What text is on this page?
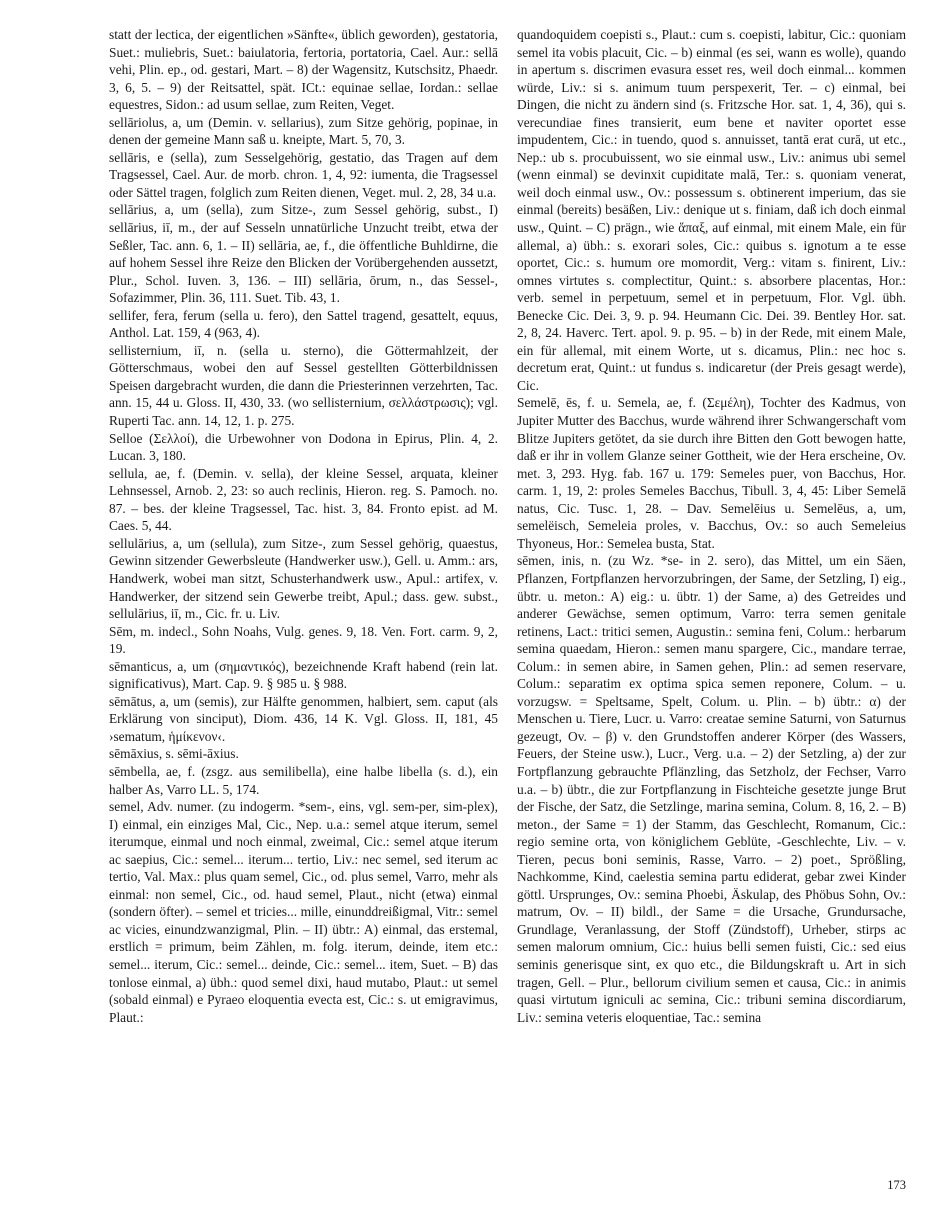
statt der lectica, der eigentlichen »Sänfte«, üblich geworden), gestatoria, Suet.: muliebris, Suet.: baiulatoria, fertoria, portatoria, Cael. Aur.: sellā vehi, Plin. ep., od. gestari, Mart. – 8) der Wagensitz, Kutschsitz, Phaedr. 3, 6, 5. – 9) der Reitsattel, spät. ICt.: equinae sellae, Iordan.: sellae equestres, Sidon.: ad usum sellae, zum Reiten, Veget.

sellāriolus, a, um (Demin. v. sellarius), zum Sitze gehörig, popinae, in denen der gemeine Mann saß u. kneipte, Mart. 5, 70, 3.

sellāris, e (sella), zum Sesselgehörig, gestatio, das Tragen auf dem Tragsessel, Cael. Aur. de morb. chron. 1, 4, 92: iumenta, die Tragsessel oder Sättel tragen, folglich zum Reiten dienen, Veget. mul. 2, 28, 34 u.a.

sellārius, a, um (sella), zum Sitze-, zum Sessel gehörig, subst., I) sellārius, iī, m., der auf Sesseln unnatürliche Unzucht treibt, etwa der Seßler, Tac. ann. 6, 1. – II) sellāria, ae, f., die öffentliche Buhldirne, die auf hohem Sessel ihre Reize den Blicken der Vorübergehenden aussetzt, Plur., Schol. Iuven. 3, 136. – III) sellāria, ōrum, n., das Sessel-, Sofazimmer, Plin. 36, 111. Suet. Tib. 43, 1.

sellifer, fera, ferum (sella u. fero), den Sattel tragend, gesattelt, equus, Anthol. Lat. 159, 4 (963, 4).

sellisternium, iī, n. (sella u. sterno), die Göttermahlzeit, der Götterschmaus, wobei den auf Sessel gestellten Götterbildnissen Speisen dargebracht wurden, die dann die Priesterinnen verzehrten, Tac. ann. 15, 44 u. Gloss. II, 430, 33. (wo sellisternium, σελλάστρωσις); vgl. Ruperti Tac. ann. 14, 12, 1. p. 275.

Selloe (Σελλοί), die Urbewohner von Dodona in Epirus, Plin. 4, 2. Lucan. 3, 180.

sellula, ae, f. (Demin. v. sella), der kleine Sessel, arquata, kleiner Lehnsessel, Arnob. 2, 23: so auch reclinis, Hieron. reg. S. Pamoch. no. 87. – bes. der kleine Tragsessel, Tac. hist. 3, 84. Fronto epist. ad M. Caes. 5, 44.

sellulārius, a, um (sellula), zum Sitze-, zum Sessel gehörig, quaestus, Gewinn sitzender Gewerbsleute (Handwerker usw.), Gell. u. Amm.: ars, Handwerk, wobei man sitzt, Schusterhandwerk usw., Apul.: artifex, v. Handwerker, der sitzend sein Gewerbe treibt, Apul.; dass. gew. subst., sellulārius, iī, m., Cic. fr. u. Liv.

Sēm, m. indecl., Sohn Noahs, Vulg. genes. 9, 18. Ven. Fort. carm. 9, 2, 19.

sēmanticus, a, um (σημαντικός), bezeichnende Kraft habend (rein lat. significativus), Mart. Cap. 9. § 985 u. § 988.

sēmātus, a, um (semis), zur Hälfte genommen, halbiert, sem. caput (als Erklärung von sinciput), Diom. 436, 14 K. Vgl. Gloss. II, 181, 45 ›sematum, ἡμίκενον‹.

sēmāxius, s. sēmi-āxius.

sēmbella, ae, f. (zsgz. aus semilibella), eine halbe libella (s. d.), ein halber As, Varro LL. 5, 174.

semel, Adv. numer. (zu indogerm. *sem-, eins, vgl. sem-per, sim-plex), I) einmal, ein einziges Mal, Cic., Nep. u.a.: semel atque iterum, semel iterumque, einmal und noch einmal, zweimal, Cic.: semel atque iterum ac saepius, Cic.: semel... iterum... tertio, Liv.: nec semel, sed iterum ac tertio, Val. Max.: plus quam semel, Cic., od. plus semel, Varro, mehr als einmal: non semel, Cic., od. haud semel, Plaut., nicht (etwa) einmal (sondern öfter). – semel et tricies... mille, einunddreißigmal, Vitr.: semel ac vicies, einundzwanzigmal, Plin. – II) übtr.: A) einmal, das erstemal, erstlich = primum, beim Zählen, m. folg. iterum, deinde, item etc.: semel... iterum, Cic.: semel... deinde, Cic.: semel... item, Suet. – B) das tonlose einmal, a) übh.: quod semel dixi, haud mutabo, Plaut.: ut semel (sobald einmal) e Pyraeo eloquentia evecta est, Cic.: s. ut emigravimus, Plaut.:

quandoquidem coepisti s., Plaut.: cum s. coepisti, labitur, Cic.: quoniam semel ita vobis placuit, Cic. – b) einmal (es sei, wann es wolle), quando in apertum s. discrimen evasura esset res, weil doch einmal... kommen würde, Liv.: si s. animum tuum perspexerit, Ter. – c) einmal, bei Dingen, die nicht zu ändern sind (s. Fritzsche Hor. sat. 1, 4, 36), qui s. verecundiae fines transierit, eum bene et naviter oportet esse impudentem, Cic.: in tuendo, quod s. annuisset, tantā erat curā, ut etc., Nep.: ub s. procubuissent, wo sie einmal usw., Liv.: animus ubi semel (wenn einmal) se devinxit cupiditate malā, Ter.: s. quoniam venerat, weil doch einmal usw., Ov.: possessum s. obtinerent imperium, das sie einmal (bereits) besäßen, Liv.: denique ut s. finiam, daß ich doch einmal usw., Quint. – C) prägn., wie ἅπαξ, auf einmal, mit einem Male, ein für allemal, a) übh.: s. exorari soles, Cic.: quibus s. ignotum a te esse oportet, Cic.: s. humum ore momordit, Verg.: vitam s. finirent, Liv.: omnes virtutes s. complectitur, Quint.: s. absorbere placentas, Hor.: verb. semel in perpetuum, semel et in perpetuum, Flor. Vgl. übh. Benecke Cic. Dei. 3, 9. p. 94. Heumann Cic. Dei. 39. Bentley Hor. sat. 2, 8, 24. Haverc. Tert. apol. 9. p. 95. – b) in der Rede, mit einem Male, ein für allemal, mit einem Worte, ut s. dicamus, Plin.: nec hoc s. decretum erat, Quint.: ut fundus s. indicaretur (der Preis gesagt werde), Cic.

Semelē, ēs, f. u. Semela, ae, f. (Σεμέλη), Tochter des Kadmus, von Jupiter Mutter des Bacchus, wurde während ihrer Schwangerschaft vom Blitze Jupiters getötet, da sie durch ihre Bitten den Gott bewogen hatte, daß er ihr in vollem Glanze seiner Gottheit, wie der Hera erscheine, Ov. met. 3, 293. Hyg. fab. 167 u. 179: Semeles puer, von Bacchus, Hor. carm. 1, 19, 2: proles Semeles Bacchus, Tibull. 3, 4, 45: Liber Semelā natus, Cic. Tusc. 1, 28. – Dav. Semelēius u. Semelēus, a, um, semelëisch, Semeleia proles, v. Bacchus, Ov.: so auch Semeleius Thyoneus, Hor.: Semelea busta, Stat.

sēmen, inis, n. (zu Wz. *se- in 2. sero), das Mittel, um ein Säen, Pflanzen, Fortpflanzen hervorzubringen, der Same, der Setzling, I) eig., übtr. u. meton.: A) eig.: u. übtr. 1) der Same, a) des Getreides und anderer Gewächse, semen optimum, Varro: terra semen genitale retinens, Lact.: tritici semen, Augustin.: semina feni, Colum.: herbarum semina quaedam, Hieron.: semen manu spargere, Cic., mandare terrae, Colum.: in semen abire, in Samen gehen, Plin.: ad semen reservare, Colum.: separatim ex optima spica semen reponere, Colum. – u. vorzugsw. = Speltsame, Spelt, Colum. u. Plin. – b) übtr.: α) der Menschen u. Tiere, Lucr. u. Varro: creatae semine Saturni, von Saturnus gezeugt, Ov. – β) v. den Grundstoffen anderer Körper (des Wassers, Feuers, der Steine usw.), Lucr., Verg. u.a. – 2) der Setzling, a) der zur Fortpflanzung gebrauchte Pflänzling, das Setzholz, der Fechser, Varro u.a. – b) übtr., die zur Fortpflanzung in Fischteiche gesetzte junge Brut der Fische, der Satz, die Setzlinge, marina semina, Colum. 8, 16, 2. – B) meton., der Same = 1) der Stamm, das Geschlecht, Romanum, Cic.: regio semine orta, von königlichem Geblüte, -Geschlechte, Liv. – v. Tieren, pecus boni seminis, Rasse, Varro. – 2) poet., Sprößling, Nachkomme, Kind, caelestia semina partu ediderat, gebar zwei Kinder göttl. Ursprunges, Ov.: semina Phoebi, Äskulap, des Phöbus Sohn, Ov.: matrum, Ov. – II) bildl., der Same = die Ursache, Grundursache, Grundlage, Veranlassung, der Stoff (Zündstoff), Urheber, stirps ac semen malorum omnium, Cic.: huius belli semen fuisti, Cic.: sed eius seminis generisque sint, ex quo etc., die Bildungskraft u. Art in sich tragen, Gell. – Plur., bellorum civilium semen et causa, Cic.: in animis quasi virtutum igniculi ac semina, Cic.: tribuni semina discordiarum, Liv.: semina veteris eloquentiae, Tac.: semina

173
